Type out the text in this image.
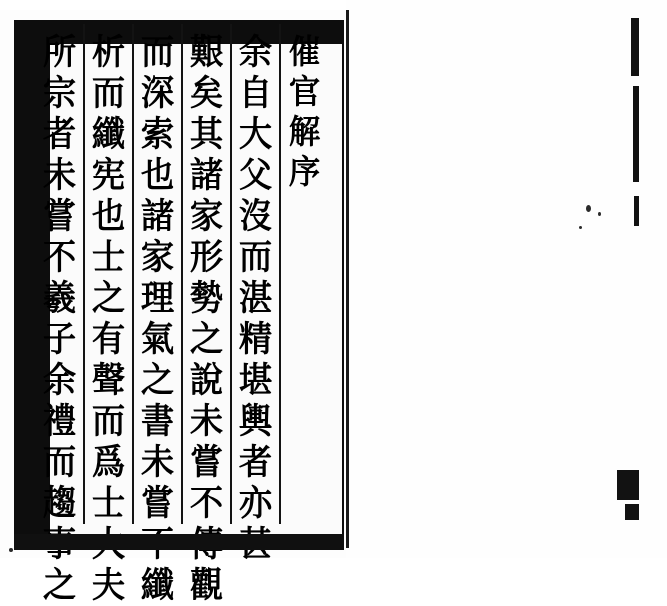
催
官
解
序
余
自
大
父
沒
而
湛
精
堪
輿
者
亦
艱
矣
其
諸
家
形
勢
之
說
未
嘗
不
觀
而
深
索
也
諸
家
理
氣
之
書
未
嘗
纖
析
而
纖
宪
也
士
之
有
聲
而
爲
士
夫
所
宗
者
未
嘗
不
羲
子
余
禮
而
趨
之
